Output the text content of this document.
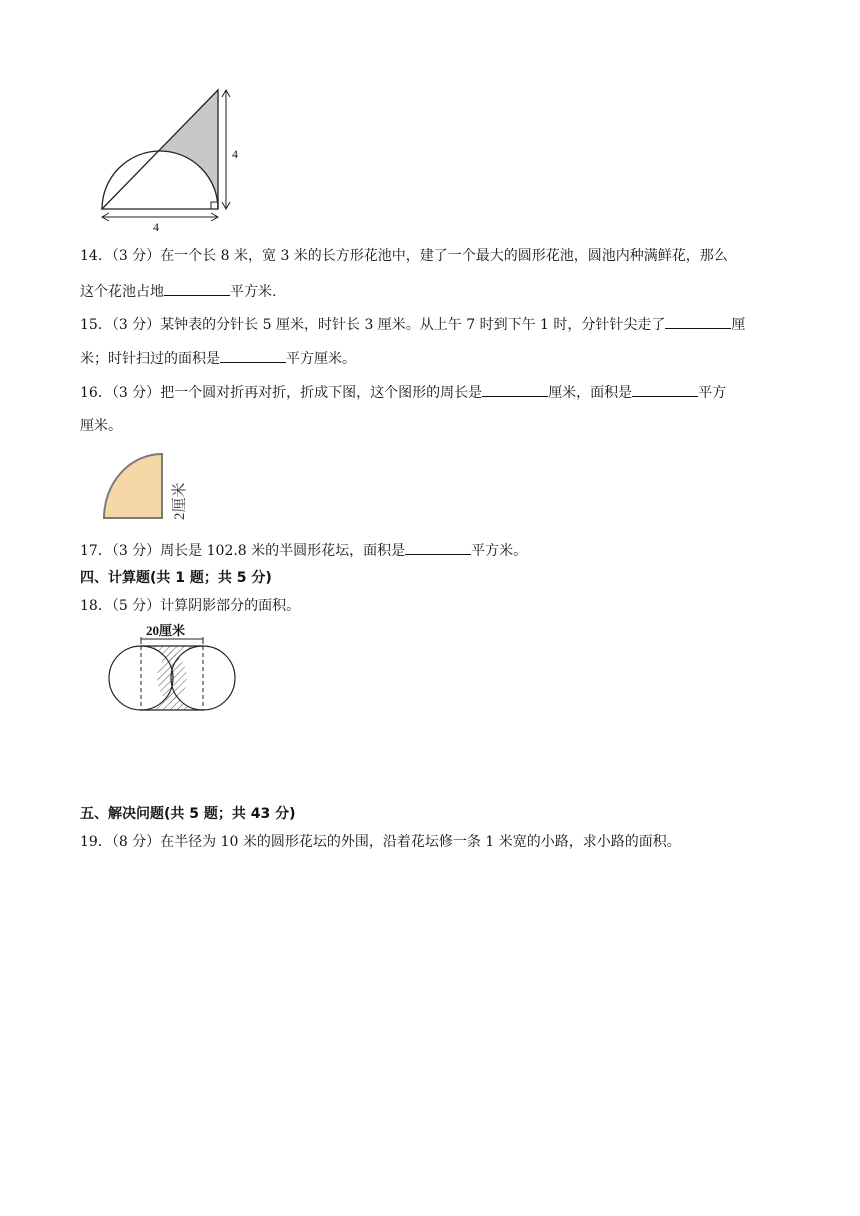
4
4
14．（3 分）在一个长 8 米，宽 3 米的长方形花池中，建了一个最大的圆形花池，圆池内种满鲜花，那么
这个花池占地	平方米.
15．（3 分）某钟表的分针长 5 厘米，时针长 3 厘米。从上午 7 时到下午 1 时，分针针尖走了	厘
米；时针扫过的面积是	平方厘米。
16．（3 分）把一个圆对折再对折，折成下图，这个图形的周长是	厘米，面积是	平方
厘米。
2厘米
17．（3 分）周长是 102.8 米的半圆形花坛，面积是	平方米。
四、计算题(共 1 题；共 5 分)
18．（5 分）计算阴影部分的面积。
20厘米
五、解决问题(共 5 题；共 43 分)
19．（8 分）在半径为 10 米的圆形花坛的外围，沿着花坛修一条 1 米宽的小路，求小路的面积。
